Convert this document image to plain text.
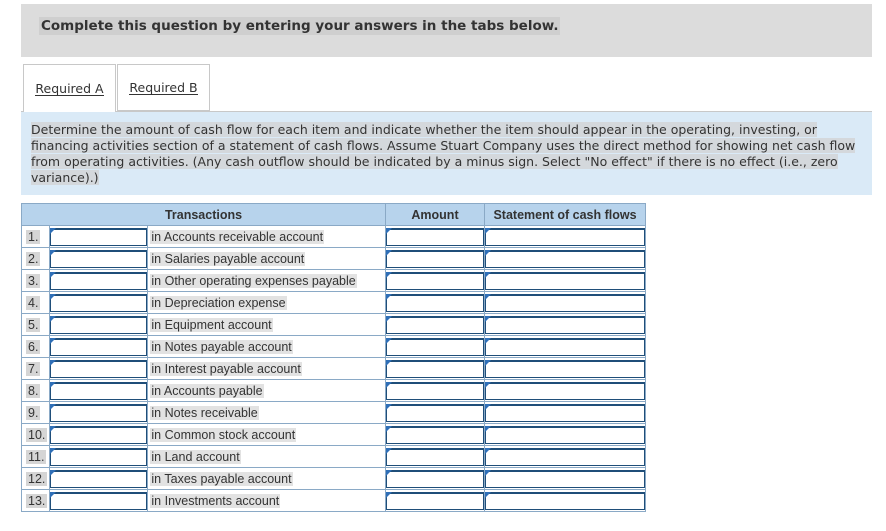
Complete this question by entering your answers in the tabs below.
Required A Required B

Determine the amount of cash flow for each item and indicate whether the item should appear in the operating, investing, or financing activities section of a statement of cash flows. Assume Stuart Company uses the direct method for showing net cash flow from operating activities. (Any cash outflow should be indicated by a minus sign. Select "No effect" if there is no effect (i.e., zero variance).)

Transactions			Amount	Statement of cash flows
1.		in Accounts receivable account	

2.		in Salaries payable account	

3.		in Other operating expenses payable	

4.		in Depreciation expense	

5.		in Equipment account	

6.		in Notes payable account	

7.		in Interest payable account	

8.		in Accounts payable	

9.		in Notes receivable	

10.		in Common stock account	

11.		in Land account	

12.		in Taxes payable account	

13.		in Investments account	
